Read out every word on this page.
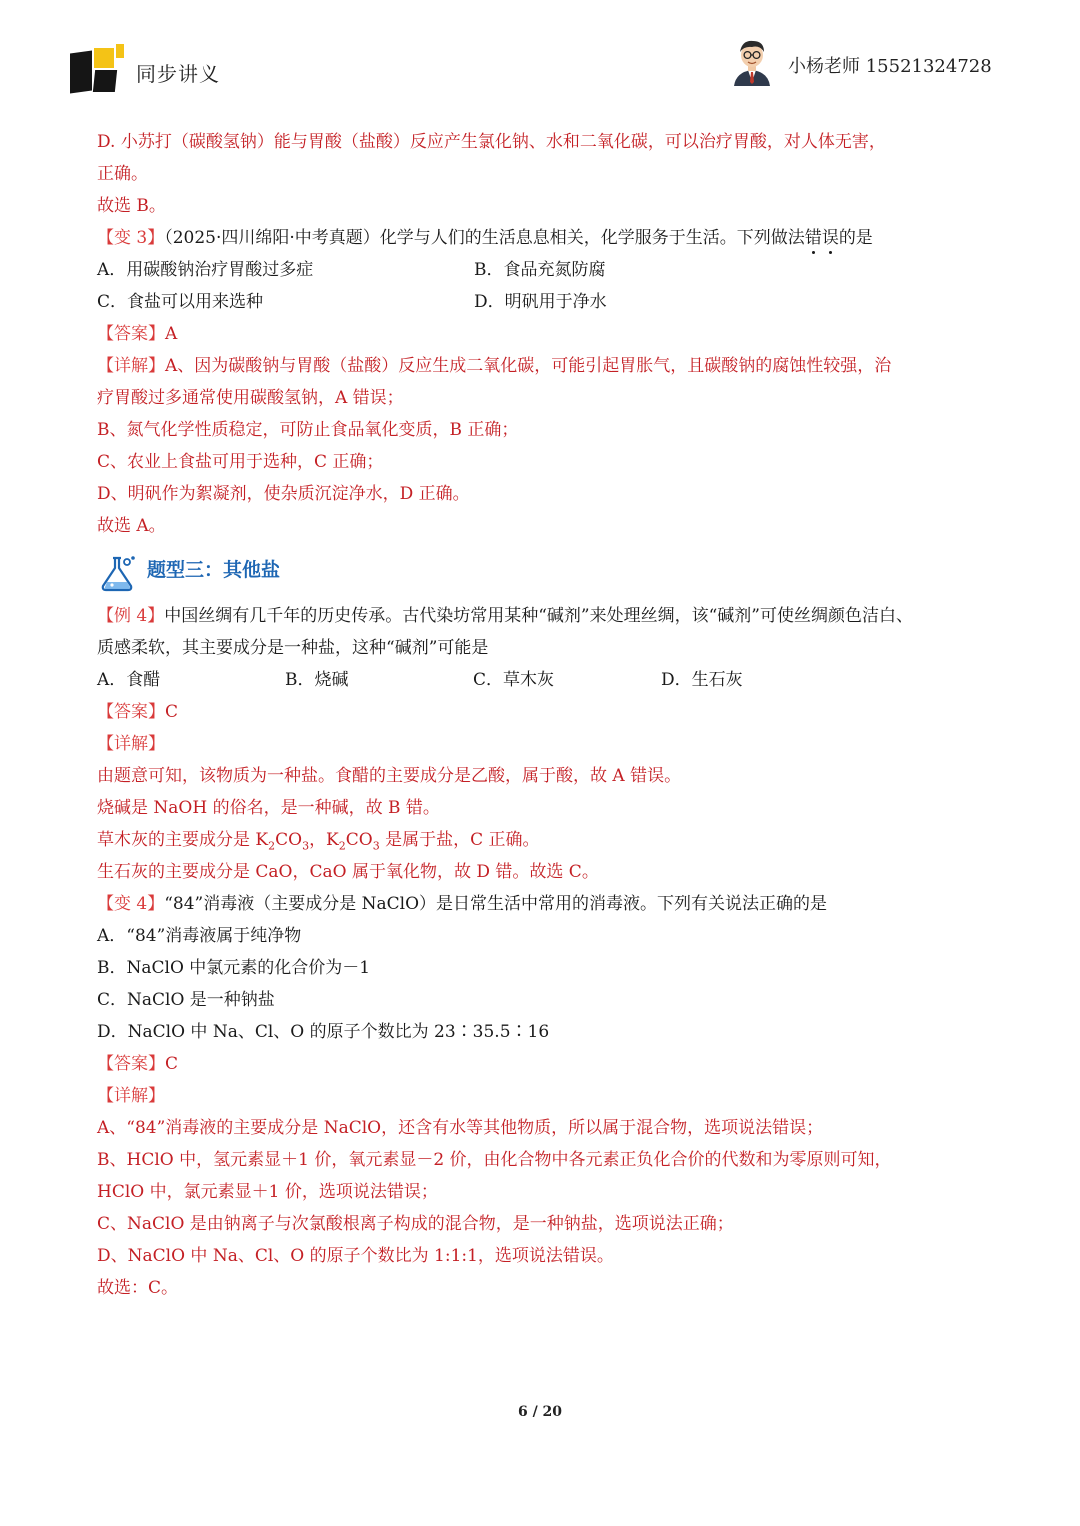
同步讲义	小杨老师 15521324728
D. 小苏打（碳酸氢钠）能与胃酸（盐酸）反应产生氯化钠、水和二氧化碳，可以治疗胃酸，对人体无害，
正确。
故选 B。
【变 3】（2025·四川绵阳·中考真题）化学与人们的生活息息相关，化学服务于生活。下列做法错误的是
A．用碳酸钠治疗胃酸过多症	B．食品充氮防腐
C．食盐可以用来选种	D．明矾用于净水
【答案】A
【详解】A、因为碳酸钠与胃酸（盐酸）反应生成二氧化碳，可能引起胃胀气，且碳酸钠的腐蚀性较强，治
疗胃酸过多通常使用碳酸氢钠，A 错误；
B、氮气化学性质稳定，可防止食品氧化变质，B 正确；
C、农业上食盐可用于选种，C 正确；
D、明矾作为絮凝剂，使杂质沉淀净水，D 正确。
故选 A。
题型三：其他盐
【例 4】中国丝绸有几千年的历史传承。古代染坊常用某种“碱剂”来处理丝绸，该“碱剂”可使丝绸颜色洁白、
质感柔软，其主要成分是一种盐，这种“碱剂”可能是
A．食醋	B．烧碱	C．草木灰	D．生石灰
【答案】C
【详解】
由题意可知，该物质为一种盐。食醋的主要成分是乙酸，属于酸，故 A 错误。
烧碱是 NaOH 的俗名，是一种碱，故 B 错。
草木灰的主要成分是 $K_2CO_3$，$K_2CO_3$ 是属于盐，C 正确。
生石灰的主要成分是 CaO，CaO 属于氧化物，故 D 错。故选 C。
【变 4】“84”消毒液（主要成分是 NaClO）是日常生活中常用的消毒液。下列有关说法正确的是
A．“84”消毒液属于纯净物
B．NaClO 中氯元素的化合价为－1
C．NaClO 是一种钠盐
D．NaClO 中 Na、Cl、O 的原子个数比为 23∶35.5∶16
【答案】C
【详解】
A、“84”消毒液的主要成分是 NaClO，还含有水等其他物质，所以属于混合物，选项说法错误；
B、HClO 中，氢元素显＋1 价，氧元素显－2 价，由化合物中各元素正负化合价的代数和为零原则可知，
HClO 中，氯元素显＋1 价，选项说法错误；
C、NaClO 是由钠离子与次氯酸根离子构成的混合物，是一种钠盐，选项说法正确；
D、NaClO 中 Na、Cl、O 的原子个数比为 1:1:1，选项说法错误。
故选：C。
6 / 20
